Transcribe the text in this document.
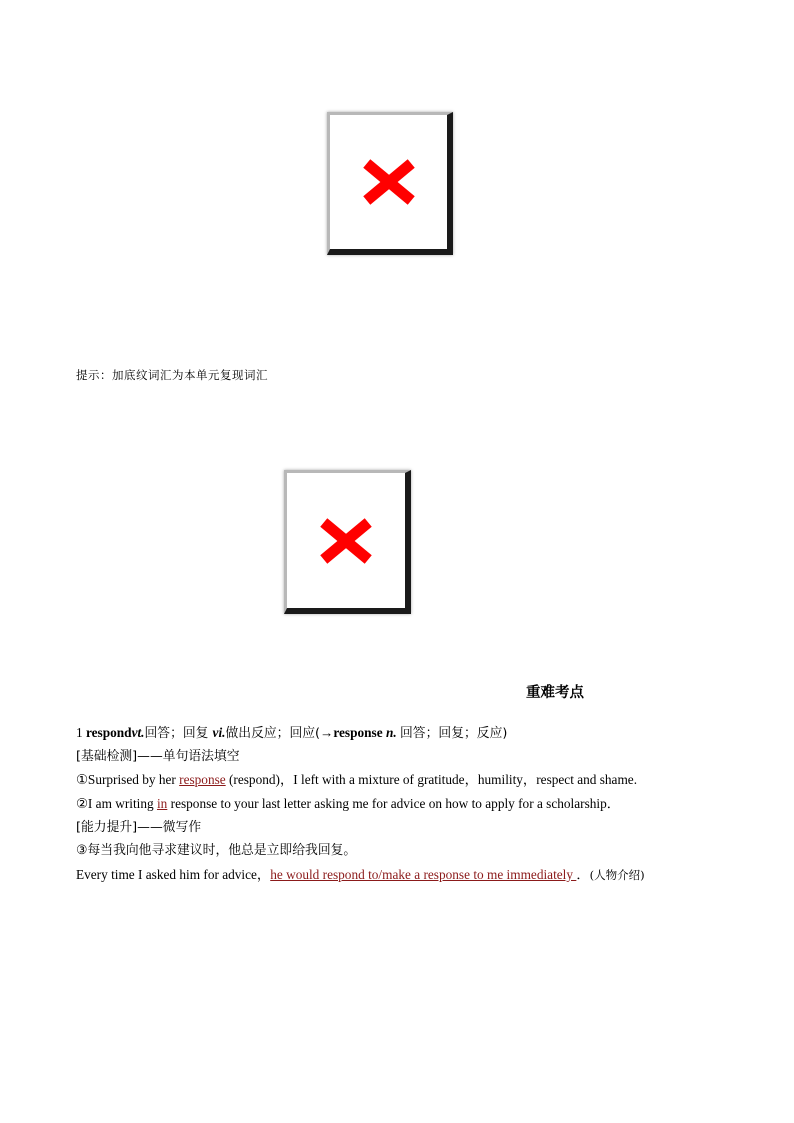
提示：加底纹词汇为本单元复现词汇
重难考点
1 respondvt.回答；回复 vi.做出反应；回应(→response n. 回答；回复；反应)
[基础检测]——单句语法填空
①Surprised by her response (respond)，I left with a mixture of gratitude，humility，respect and shame.
②I am writing in response to your last letter asking me for advice on how to apply for a scholarship．
[能力提升]——微写作
③每当我向他寻求建议时，他总是立即给我回复。
Every time I asked him for advice，he would respond to/make a response to me immediately ．(人物介绍)
